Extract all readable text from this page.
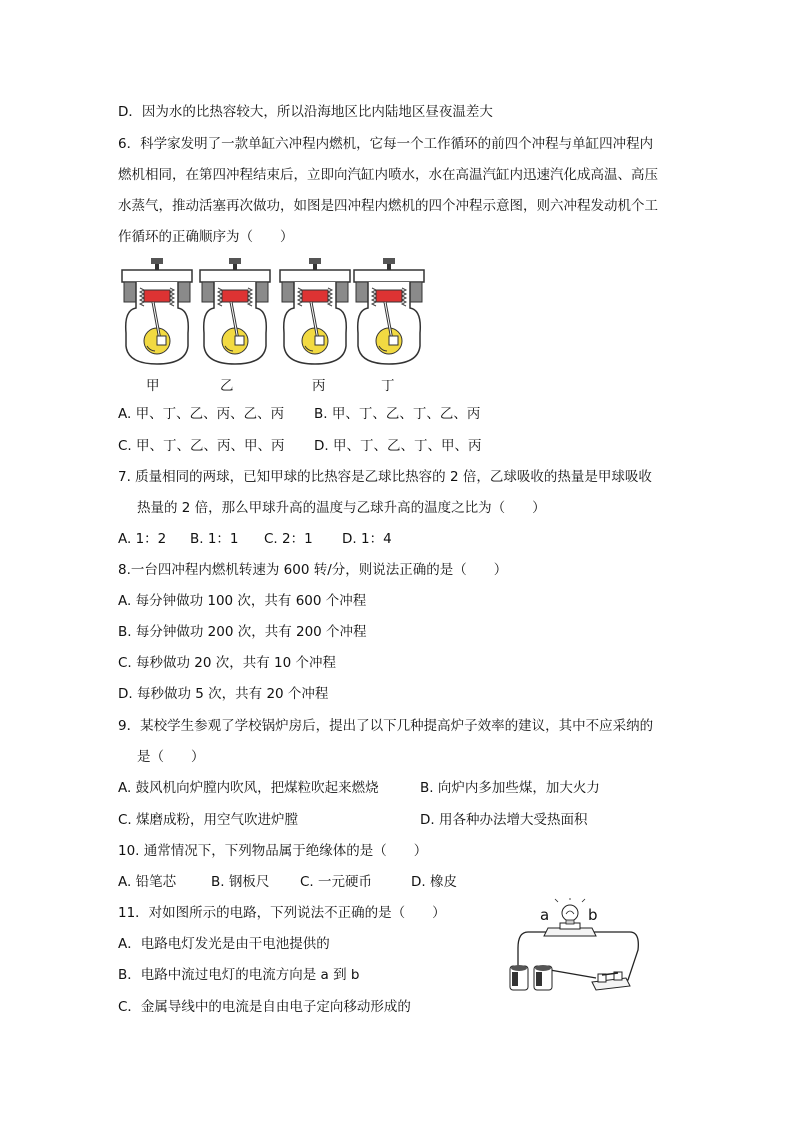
D．因为水的比热容较大，所以沿海地区比内陆地区昼夜温差大
6．科学家发明了一款单缸六冲程内燃机，它每一个工作循环的前四个冲程与单缸四冲程内
燃机相同，在第四冲程结束后，立即向汽缸内喷水，水在高温汽缸内迅速汽化成高温、高压
水蒸气，推动活塞再次做功，如图是四冲程内燃机的四个冲程示意图，则六冲程发动机个工
作循环的正确顺序为（　　）
甲	乙	丙	丁
A. 甲、丁、乙、丙、乙、丙 B. 甲、丁、乙、丁、乙、丙
C. 甲、丁、乙、丙、甲、丙 D. 甲、丁、乙、丁、甲、丙
7. 质量相同的两球，已知甲球的比热容是乙球比热容的 2 倍，乙球吸收的热量是甲球吸收
热量的 2 倍，那么甲球升高的温度与乙球升高的温度之比为（　　）
A. 1：2 B. 1：1 C. 2：1 D. 1：4
8.一台四冲程内燃机转速为 600 转/分，则说法正确的是（　　）
A. 每分钟做功 100 次，共有 600 个冲程
B. 每分钟做功 200 次，共有 200 个冲程
C. 每秒做功 20 次，共有 10 个冲程
D. 每秒做功 5 次，共有 20 个冲程
9．某校学生参观了学校锅炉房后，提出了以下几种提高炉子效率的建议，其中不应采纳的
是（　　）
A. 鼓风机向炉膛内吹风，把煤粒吹起来燃烧	B. 向炉内多加些煤，加大火力
C. 煤磨成粉，用空气吹进炉膛	D. 用各种办法增大受热面积
10. 通常情况下，下列物品属于绝缘体的是（　　）
A. 铅笔芯	B. 钢板尺 C. 一元硬币	D. 橡皮
11．对如图所示的电路，下列说法不正确的是（　　）
A．电路电灯发光是由干电池提供的
B．电路中流过电灯的电流方向是 a 到 b
C．金属导线中的电流是自由电子定向移动形成的
a	b
